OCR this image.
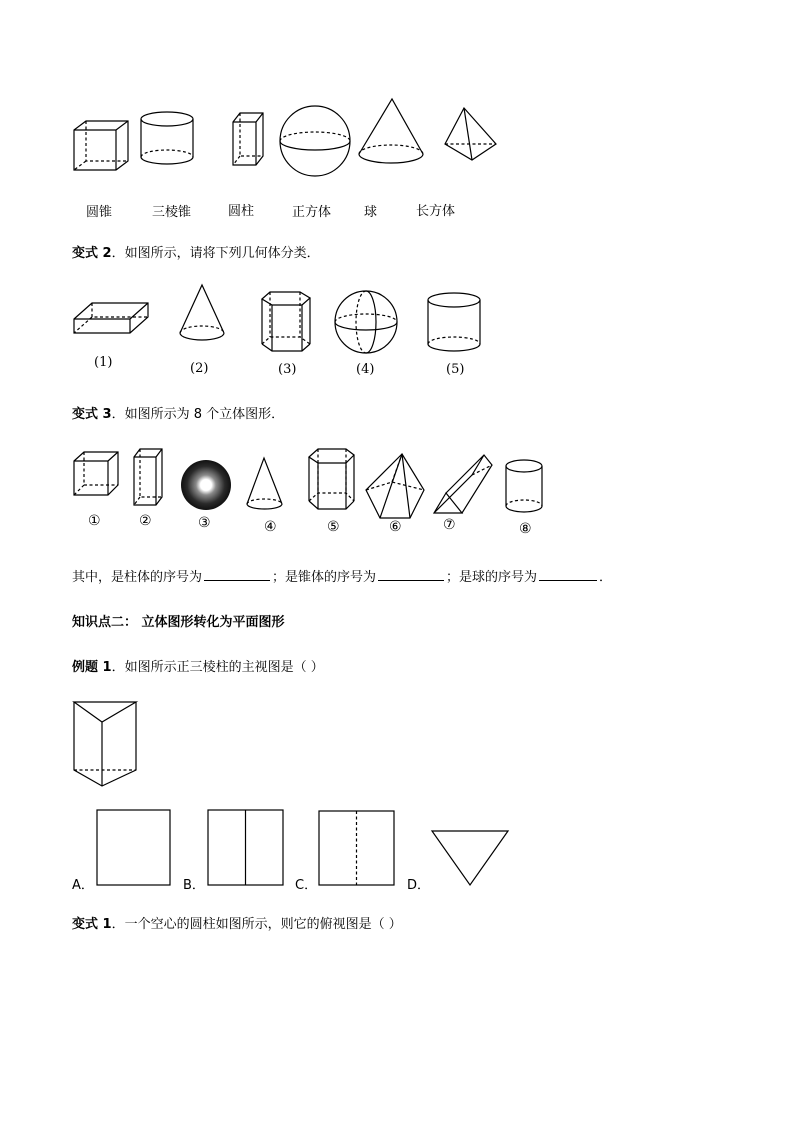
圆锥	三棱锥	圆柱	正方体	球	长方体
变式 2．如图所示，请将下列几何体分类．
(1)	(2)	(3)	(4)	(5)
变式 3．如图所示为 8 个立体图形．
①	②	③	④	⑤	⑥	⑦	⑧
其中，是柱体的序号为	；是锥体的序号为	；是球的序号为	．
知识点二： 立体图形转化为平面图形
例题 1．如图所示正三棱柱的主视图是（ ）
A．	B．	C．	D．
变式 1．一个空心的圆柱如图所示，则它的俯视图是（ ）
